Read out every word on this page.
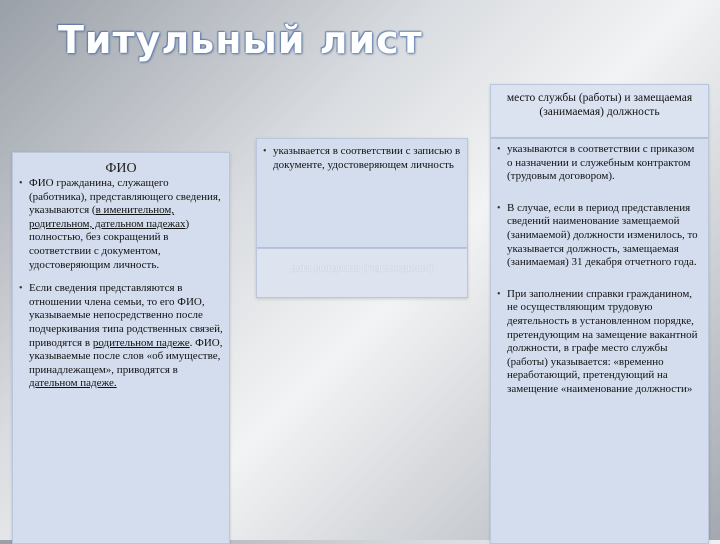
Титульный лист
место службы (работы) и замещаемая (занимаемая) должность
ФИО
• ФИО гражданина, служащего (работника), представляющего сведения, указываются (в именительном, родительном, дательном падежах) полностью, без сокращений в соответствии с документом, удостоверяющим личность.
• Если сведения представляются в отношении члена семьи, то его ФИО, указываемые непосредственно после подчеркивания типа родственных связей, приводятся в родительном падеже. ФИО, указываемые после слов «об имуществе, принадлежащем», приводятся в дательном падеже.
• указывается в соответствии с записью в документе, удостоверяющем личность
дата рождения (год рождения)
• указываются в соответствии с приказом о назначении и служебным контрактом (трудовым договором).
• В случае, если в период представления сведений наименование замещаемой (занимаемой) должности изменилось, то указывается должность, замещаемая (занимаемая) 31 декабря отчетного года.
• При заполнении справки гражданином, не осуществляющим трудовую деятельность в установленном порядке, претендующим на замещение вакантной должности, в графе место службы (работы) указывается: «временно неработающий, претендующий на замещение «наименование должности»
